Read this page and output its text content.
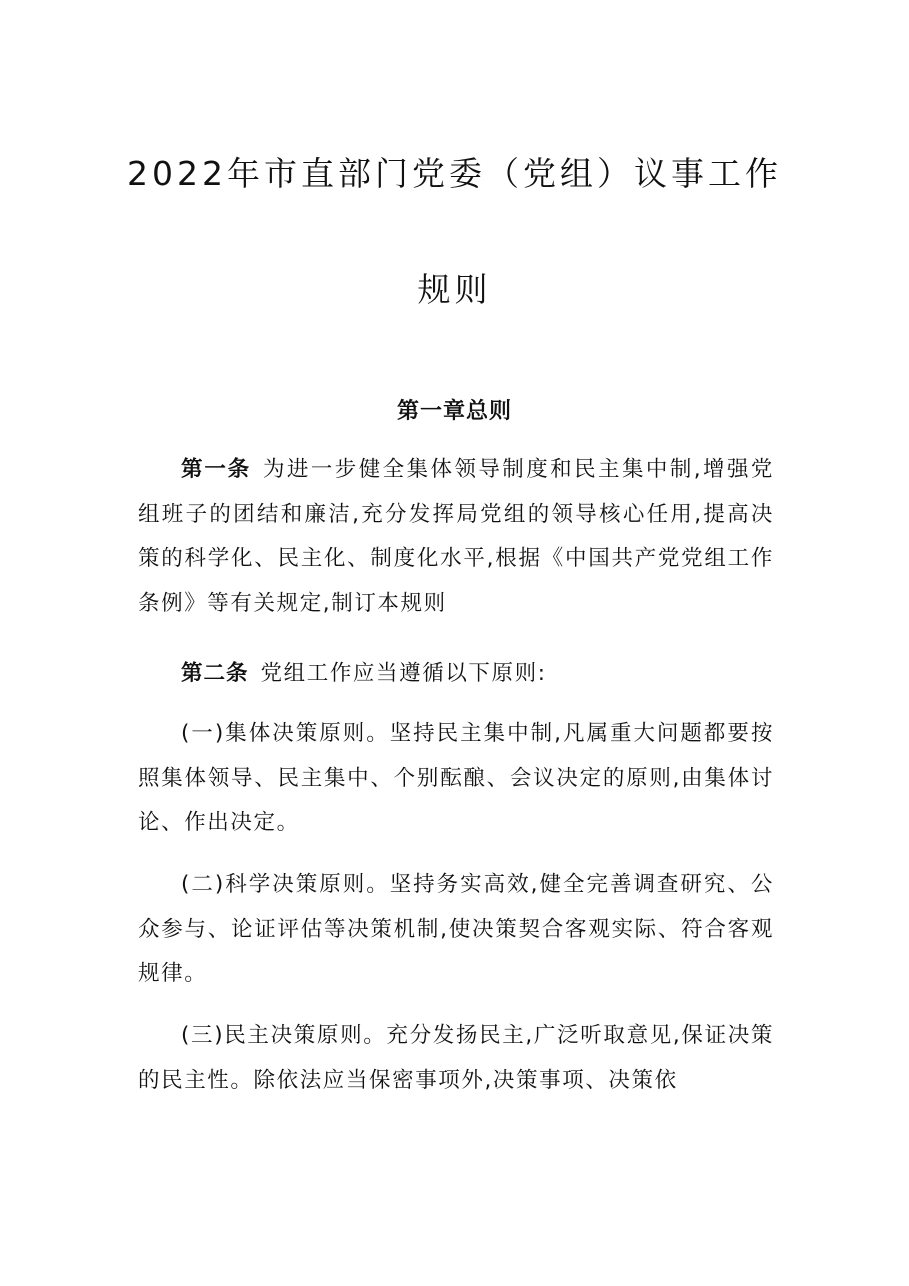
2022年市直部门党委（党组）议事工作
规则
第一章总则

第一条 为进一步健全集体领导制度和民主集中制,增强党组班子的团结和廉洁,充分发挥局党组的领导核心任用,提高决策的科学化、民主化、制度化水平,根据《中国共产党党组工作条例》等有关规定,制订本规则

第二条 党组工作应当遵循以下原则:

(一)集体决策原则。坚持民主集中制,凡属重大问题都要按照集体领导、民主集中、个别酝酿、会议决定的原则,由集体讨论、作出决定。

(二)科学决策原则。坚持务实高效,健全完善调查研究、公众参与、论证评估等决策机制,使决策契合客观实际、符合客观规律。

(三)民主决策原则。充分发扬民主,广泛听取意见,保证决策的民主性。除依法应当保密事项外,决策事项、决策依
